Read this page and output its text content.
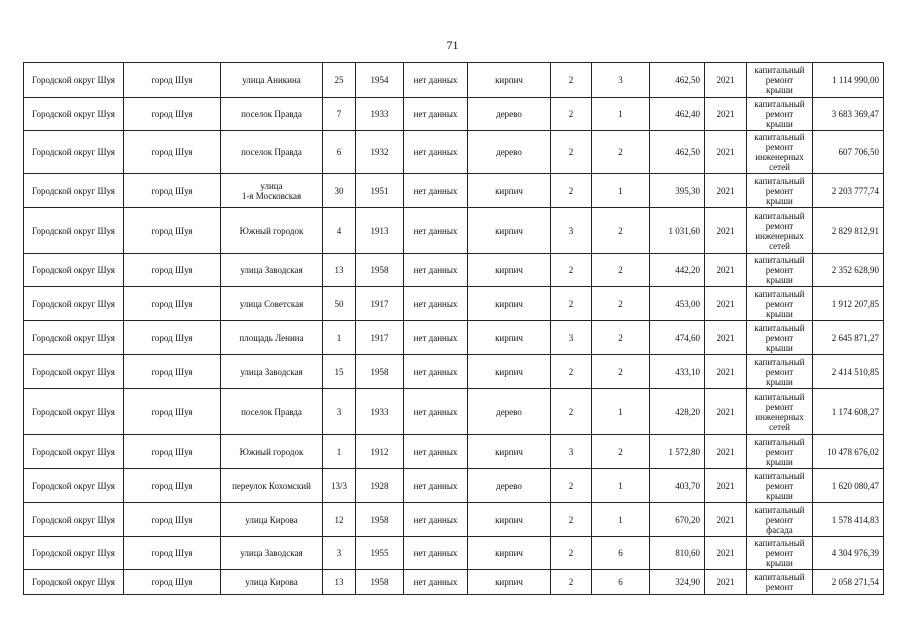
71
Городской округ Шуя	город Шуя	улица Аникина	25	1954	нет данных	кирпич	2	3	462,50	2021	капитальный
ремонт
крыши	1 114 990,00
Городской округ Шуя	город Шуя	поселок Правда	7	1933	нет данных	дерево	2	1	462,40	2021	капитальный
ремонт
крыши	3 683 369,47
Городской округ Шуя	город Шуя	поселок Правда	6	1932	нет данных	дерево	2	2	462,50	2021	капитальный
ремонт
инженерных
сетей	607 706,50
Городской округ Шуя	город Шуя	улица
1-я Московская	30	1951	нет данных	кирпич	2	1	395,30	2021	капитальный
ремонт
крыши	2 203 777,74
Городской округ Шуя	город Шуя	Южный городок	4	1913	нет данных	кирпич	3	2	1 031,60	2021	капитальный
ремонт
инженерных
сетей	2 829 812,91
Городской округ Шуя	город Шуя	улица Заводская	13	1958	нет данных	кирпич	2	2	442,20	2021	капитальный
ремонт
крыши	2 352 628,90
Городской округ Шуя	город Шуя	улица Советская	50	1917	нет данных	кирпич	2	2	453,00	2021	капитальный
ремонт
крыши	1 912 207,85
Городской округ Шуя	город Шуя	площадь Ленина	1	1917	нет данных	кирпич	3	2	474,60	2021	капитальный
ремонт
крыши	2 645 871,27
Городской округ Шуя	город Шуя	улица Заводская	15	1958	нет данных	кирпич	2	2	433,10	2021	капитальный
ремонт
крыши	2 414 510,85
Городской округ Шуя	город Шуя	поселок Правда	3	1933	нет данных	дерево	2	1	428,20	2021	капитальный
ремонт
инженерных
сетей	1 174 608,27
Городской округ Шуя	город Шуя	Южный городок	1	1912	нет данных	кирпич	3	2	1 572,80	2021	капитальный
ремонт
крыши	10 478 676,02
Городской округ Шуя	город Шуя	переулок Кохомский	13/3	1928	нет данных	дерево	2	1	403,70	2021	капитальный
ремонт
крыши	1 620 080,47
Городской округ Шуя	город Шуя	улица Кирова	12	1958	нет данных	кирпич	2	1	670,20	2021	капитальный
ремонт
фасада	1 578 414,83
Городской округ Шуя	город Шуя	улица Заводская	3	1955	нет данных	кирпич	2	6	810,60	2021	капитальный
ремонт
крыши	4 304 976,39
Городской округ Шуя	город Шуя	улица Кирова	13	1958	нет данных	кирпич	2	6	324,90	2021	капитальный
ремонт	2 058 271,54
